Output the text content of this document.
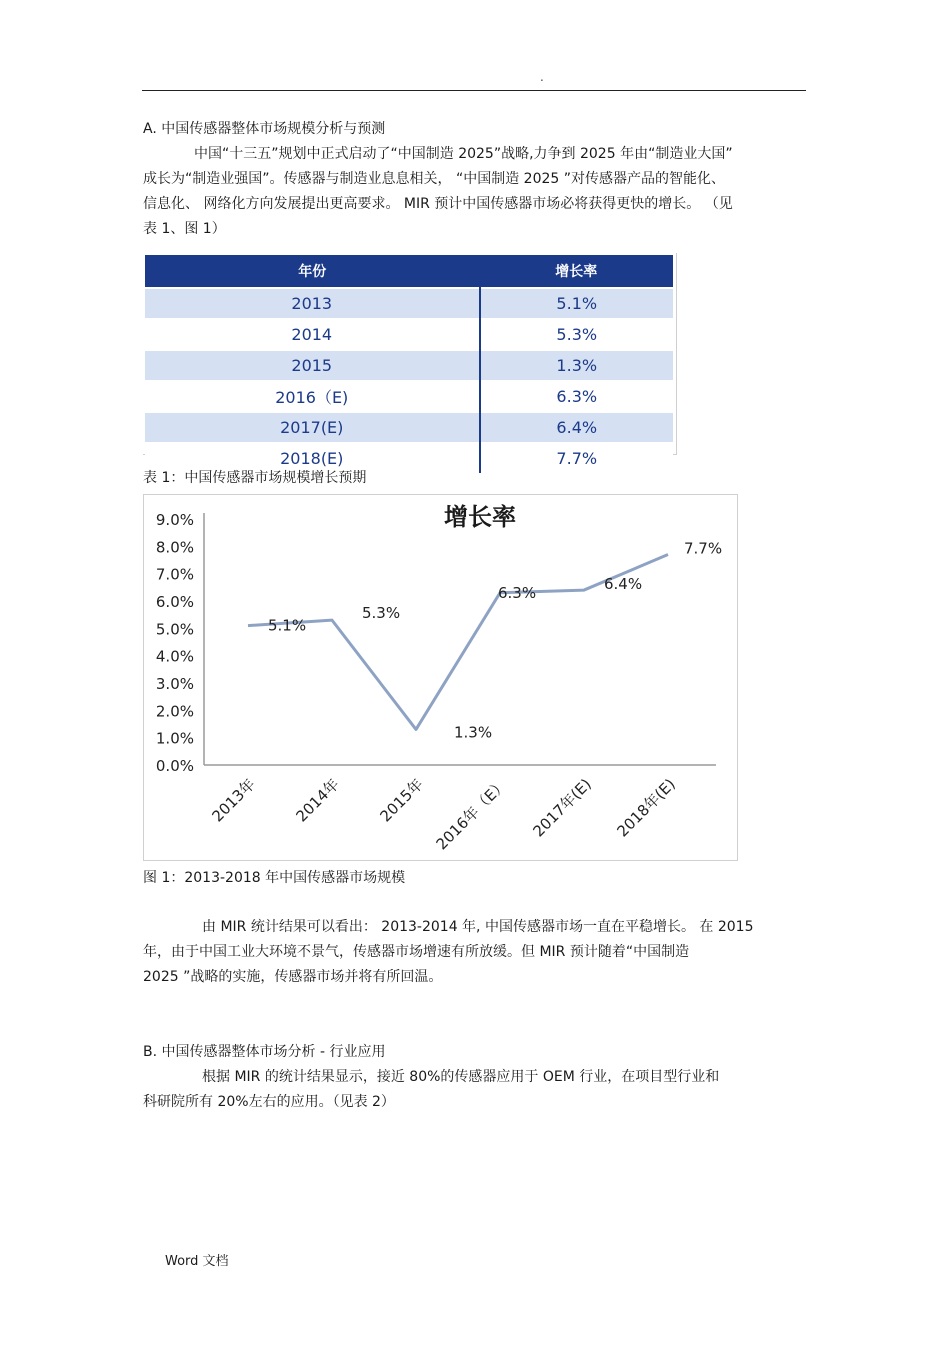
.
A. 中国传感器整体市场规模分析与预测
中国“十三五”规划中正式启动了“中国制造 2025”战略,力争到 2025 年由“制造业大国”
成长为“制造业强国”。传感器与制造业息息相关， “中国制造 2025 ”对传感器产品的智能化、
信息化、 网络化方向发展提出更高要求。 MIR 预计中国传感器市场必将获得更快的增长。 （见
表 1、图 1）
年份	增长率
2013	5.1%
2014	5.3%
2015	1.3%
2016（E)	6.3%
2017(E)	6.4%
2018(E)	7.7%
表 1：中国传感器市场规模增长预期
增长率
0.0%
1.0%
2.0%
3.0%
4.0%
5.0%
6.0%
7.0%
8.0%
9.0%
2013年 2014年 2015年 2016年（E） 2017年(E) 2018年(E)
5.1%
5.3%
1.3%
6.3%	6.4%
7.7%
图 1：2013-2018 年中国传感器市场规模
由 MIR 统计结果可以看出： 2013-2014 年, 中国传感器市场一直在平稳增长。 在 2015
年，由于中国工业大环境不景气，传感器市场增速有所放缓。但 MIR 预计随着“中国制造
2025 ”战略的实施，传感器市场并将有所回温。
B. 中国传感器整体市场分析 - 行业应用
根据 MIR 的统计结果显示，接近 80%的传感器应用于 OEM 行业，在项目型行业和
科研院所有 20%左右的应用。（见表 2）
Word 文档
